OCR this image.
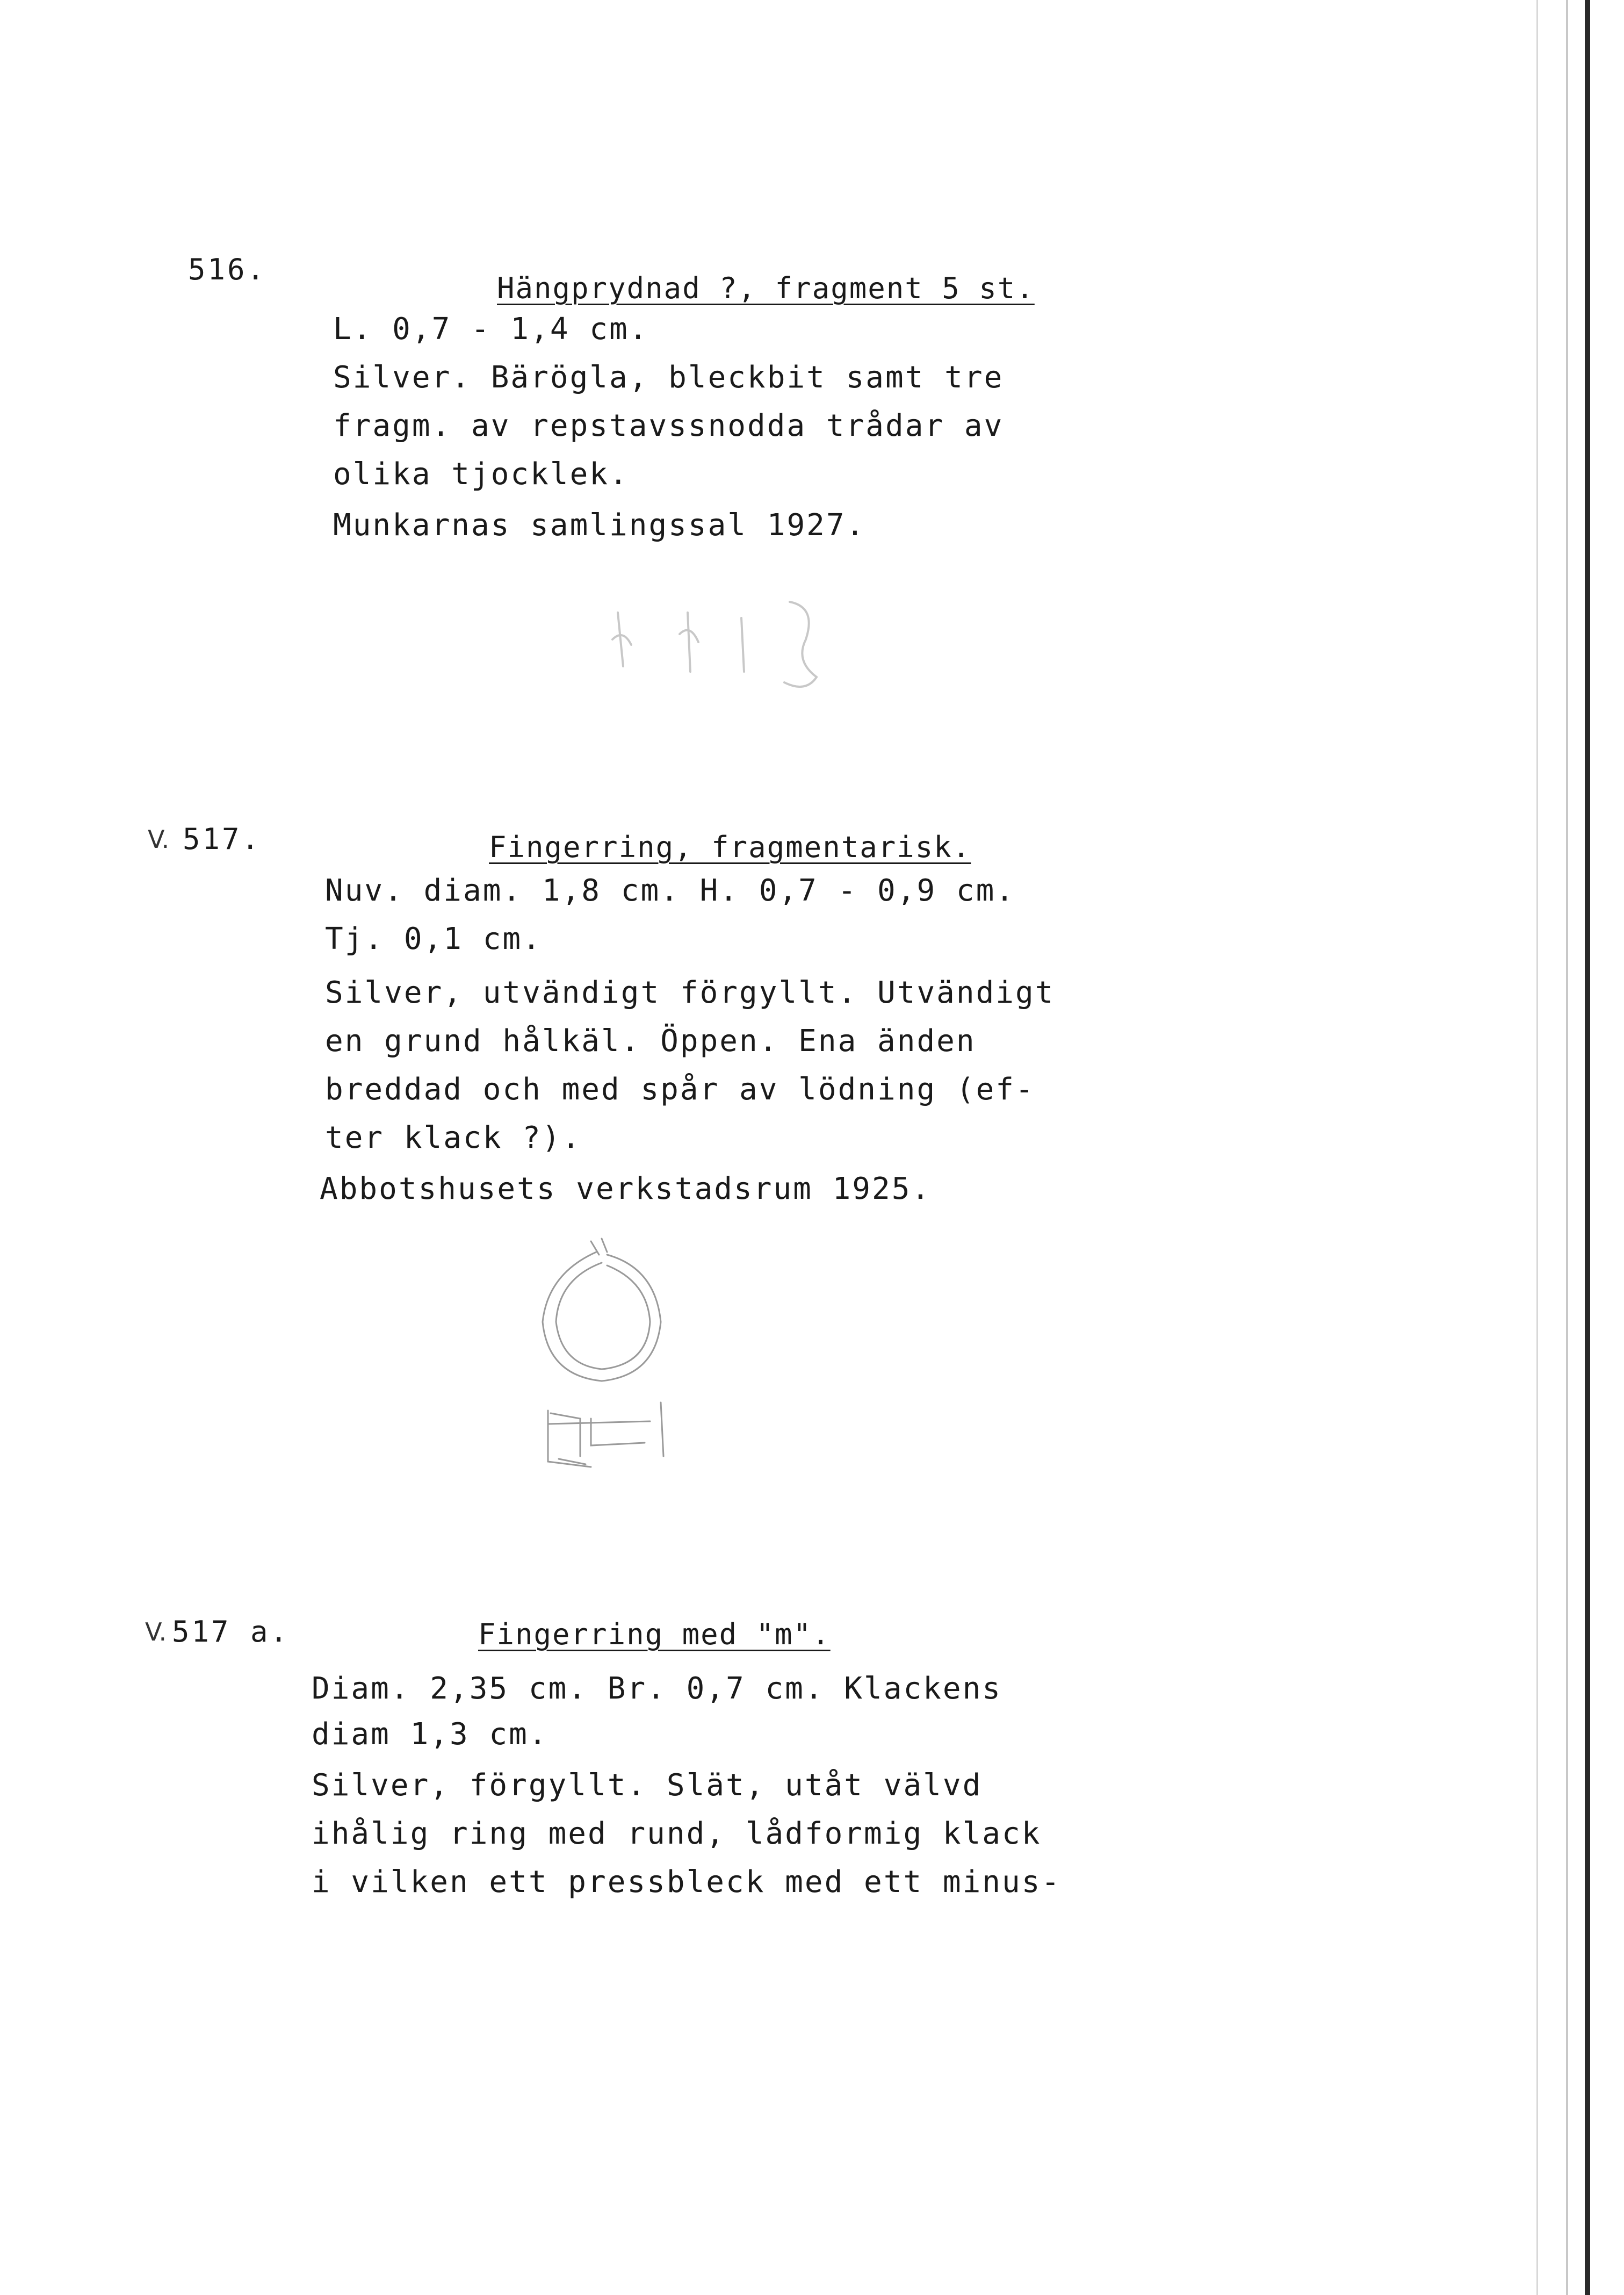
516.
Hängprydnad ?, fragment 5 st.
L. 0,7 - 1,4 cm.
Silver. Bärögla, bleckbit samt tre
fragm. av repstavssnodda trådar av
olika tjocklek.
Munkarnas samlingssal 1927.
V. 517.	Fingerring, fragmentarisk.
Nuv. diam. 1,8 cm. H. 0,7 - 0,9 cm.
Tj. 0,1 cm.
Silver, utvändigt förgyllt. Utvändigt
en grund hålkäl. Öppen. Ena änden
breddad och med spår av lödning (ef-
ter klack ?).
Abbotshusets verkstadsrum 1925.
V. 517 a.	Fingerring med "m".
Diam. 2,35 cm. Br. 0,7 cm. Klackens
diam 1,3 cm.
Silver, förgyllt. Slät, utåt välvd
ihålig ring med rund, lådformig klack
i vilken ett pressbleck med ett minus-
